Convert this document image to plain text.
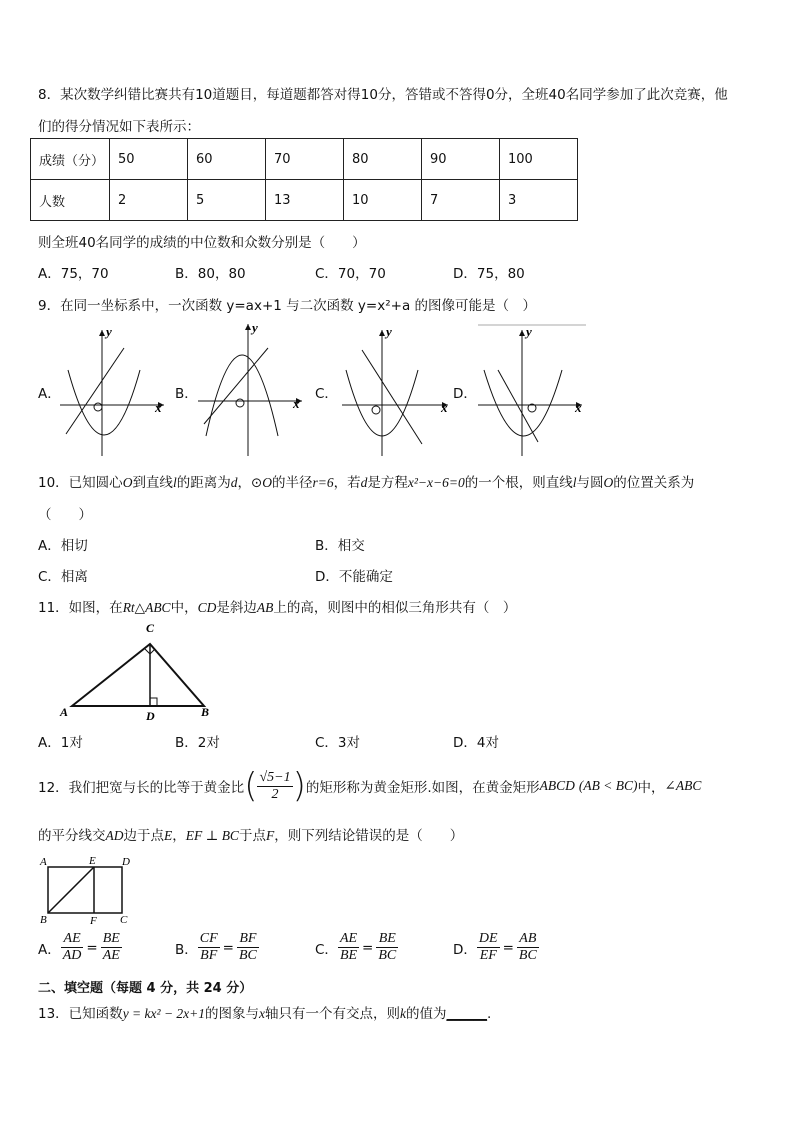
8．某次数学纠错比赛共有10道题目，每道题都答对得10分，答错或不答得0分，全班40名同学参加了此次竞赛，他
们的得分情况如下表所示：
成绩（分）	50	60	70	80	90	100
人数	2	5	13	10	7	3
则全班40名同学的成绩的中位数和众数分别是（　　）
A．75，70	B．80，80	C．70，70	D．75，80
9．在同一坐标系中，一次函数 y=ax+1 与二次函数 y=x²+a 的图像可能是（　）
A．
y
x
B．
y
x
C．
y
x
D．
y
x
10．已知圆心O到直线l的距离为d，⊙O的半径r=6，若d是方程x²−x−6=0的一个根，则直线l与圆O的位置关系为
（　　）
A．相切	B．相交
C．相离	D．不能确定
11．如图，在Rt△ABC中，CD是斜边AB上的高，则图中的相似三角形共有（　）
A
C
D	B
A．1对	B．2对	C．3对	D．4对
12．我们把宽与长的比等于黄金比 ( $\frac{√5-1}{2}$ ) 的矩形称为黄金矩形.如图，在黄金矩形 ABCD (AB < BC) 中， ∠ABC
的平分线交AD边于点E，EF ⊥ BC于点F，则下列结论错误的是（　　）
A	E D
B	F C
A． $\frac{AE}{AD} = \frac{BE}{AE}$	B． $\frac{CF}{BF} = \frac{BF}{BC}$	C． $\frac{AE}{BE} = \frac{BE}{BC}$	D． $\frac{DE}{EF} = \frac{AB}{BC}$
二、填空题（每题 4 分，共 24 分）
13．已知函数y = kx² − 2x+1的图象与x轴只有一个有交点，则k的值为______.
